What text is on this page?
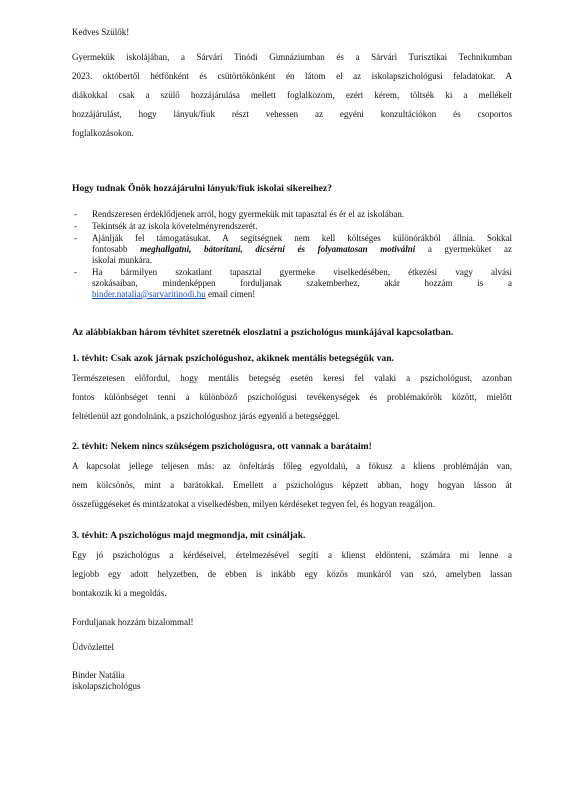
Kedves Szülők!

Gyermekük iskolájában, a Sárvári Tinódi Gimnáziumban és a Sárvári Turisztikai Technikumban
2023. októbertől hétfőnként és csütörtökönként én látom el az iskolapszichológusi feladatokat. A
diákokkal csak a szülő hozzájárulása mellett foglalkozom, ezért kérem, töltsék ki a mellékelt
hozzájárulást, hogy lányuk/fiuk részt vehessen az egyéni konzultációkon és csoportos
foglalkozásokon.

Hogy tudnak Önök hozzájárulni lányuk/fiuk iskolai sikereihez?

- Rendszeresen érdeklődjenek arról, hogy gyermekük mit tapasztal és ér el az iskolában.
- Tekintsék át az iskola követelményrendszerét.
- Ajánlják fel támogatásukat. A segítségnek nem kell költséges különórákból állnia. Sokkal
fontosabb meghallgatni, bátorítani, dicsérni és folyamatosan motiválni a gyermeküket az
iskolai munkára.
- Ha bármilyen szokatlant tapasztal gyermeke viselkedésében, étkezési vagy alvási
szokásaiban, mindenképpen forduljanak szakemberhez, akár hozzám is a
binder.natalia@sarvaritinodi.hu email címen!

Az alábbiakban három tévhitet szeretnék eloszlatni a pszichológus munkájával kapcsolatban.

1. tévhit: Csak azok járnak pszichológushoz, akiknek mentális betegségük van.

Természetesen előfordul, hogy mentális betegség esetén keresi fel valaki a pszichológust, azonban
fontos különbséget tenni a különböző pszichológusi tevékenységek és problémakörök között, mielőtt
feltétlenül azt gondolnánk, a pszichológushoz járás egyenlő a betegséggel.

2. tévhit: Nekem nincs szükségem pszichológusra, ott vannak a barátaim!

A kapcsolat jellege teljesen más: az önfeltárás főleg egyoldalú, a fókusz a kliens problémáján van,
nem kölcsönös, mint a barátokkal. Emellett a pszichológus képzett abban, hogy hogyan lásson át
összefüggéseket és mintázatokat a viselkedésben, milyen kérdéseket tegyen fel, és hogyan reagáljon.

3. tévhit: A pszichológus majd megmondja, mit csináljak.

Egy jó pszichológus a kérdéseivel, értelmezésével segíti a klienst eldönteni, számára mi lenne a
legjobb egy adott helyzetben, de ebben is inkább egy közös munkáról van szó, amelyben lassan
bontakozik ki a megoldás.

Forduljanak hozzám bizalommal!

Üdvözlettel

Binder Natália
iskolapszichológus
